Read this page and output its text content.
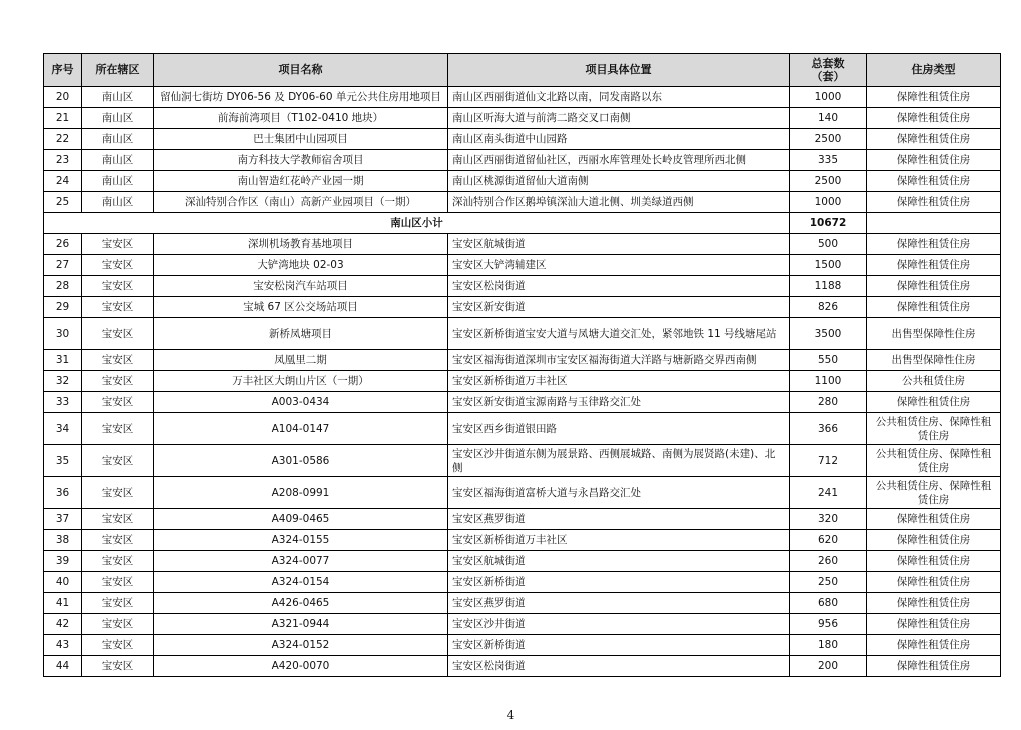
序号	所在辖区	项目名称	项目具体位置	总套数
（套）	住房类型
20	南山区	留仙洞七街坊 DY06-56 及 DY06-60 单元公共住房用地项目	南山区西丽街道仙文北路以南，同发南路以东	1000	保障性租赁住房
21	南山区	前海前湾项目（T102-0410 地块）	南山区听海大道与前湾二路交叉口南侧	140	保障性租赁住房
22	南山区	巴士集团中山园项目	南山区南头街道中山园路	2500	保障性租赁住房
23	南山区	南方科技大学教师宿舍项目	南山区西丽街道留仙社区，西丽水库管理处长岭皮管理所西北侧	335	保障性租赁住房
24	南山区	南山智造红花岭产业园一期	南山区桃源街道留仙大道南侧	2500	保障性租赁住房
25	南山区	深汕特别合作区（南山）高新产业园项目（一期）	深汕特别合作区鹅埠镇深汕大道北侧、圳美绿道西侧	1000	保障性租赁住房
南山区小计				10672	
26	宝安区	深圳机场教育基地项目	宝安区航城街道	500	保障性租赁住房
27	宝安区	大铲湾地块 02-03	宝安区大铲湾辅建区	1500	保障性租赁住房
28	宝安区	宝安松岗汽车站项目	宝安区松岗街道	1188	保障性租赁住房
29	宝安区	宝城 67 区公交场站项目	宝安区新安街道	826	保障性租赁住房
30	宝安区	新桥凤塘项目	宝安区新桥街道宝安大道与凤塘大道交汇处，紧邻地铁 11 号线塘尾站	3500	出售型保障性住房
31	宝安区	凤凰里二期	宝安区福海街道深圳市宝安区福海街道大洋路与塘新路交界西南侧	550	出售型保障性住房
32	宝安区	万丰社区大朗山片区（一期）	宝安区新桥街道万丰社区	1100	公共租赁住房
33	宝安区	A003-0434	宝安区新安街道宝源南路与玉律路交汇处	280	保障性租赁住房
34	宝安区	A104-0147	宝安区西乡街道银田路	366	公共租赁住房、保障性租赁住房
35	宝安区	A301-0586	宝安区沙井街道东侧为展景路、西侧展城路、南侧为展贤路(未建)、北侧	712	公共租赁住房、保障性租赁住房
36	宝安区	A208-0991	宝安区福海街道富桥大道与永昌路交汇处	241	公共租赁住房、保障性租赁住房
37	宝安区	A409-0465	宝安区燕罗街道	320	保障性租赁住房
38	宝安区	A324-0155	宝安区新桥街道万丰社区	620	保障性租赁住房
39	宝安区	A324-0077	宝安区航城街道	260	保障性租赁住房
40	宝安区	A324-0154	宝安区新桥街道	250	保障性租赁住房
41	宝安区	A426-0465	宝安区燕罗街道	680	保障性租赁住房
42	宝安区	A321-0944	宝安区沙井街道	956	保障性租赁住房
43	宝安区	A324-0152	宝安区新桥街道	180	保障性租赁住房
44	宝安区	A420-0070	宝安区松岗街道	200	保障性租赁住房
4
